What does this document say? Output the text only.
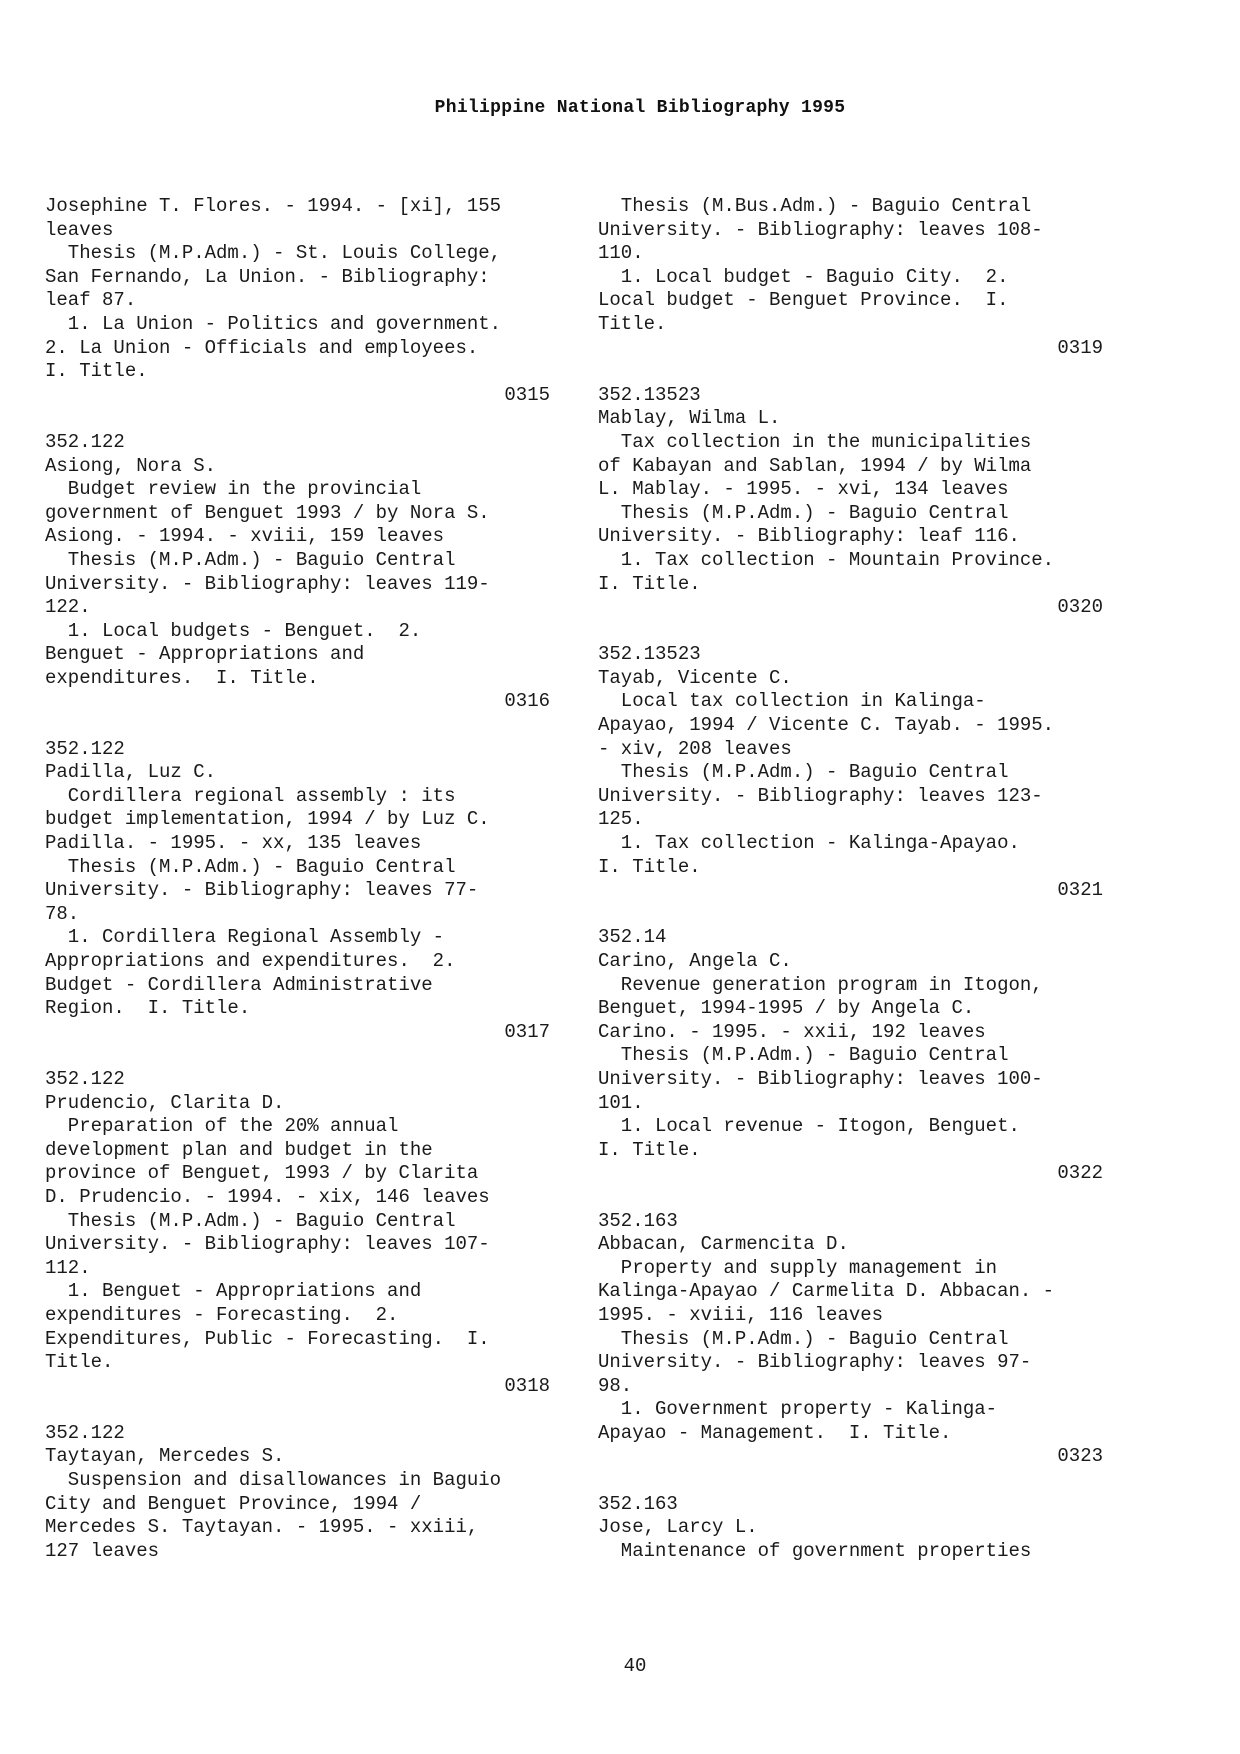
Philippine National Bibliography 1995
Josephine T. Flores. - 1994. - [xi], 155
leaves
Thesis (M.P.Adm.) - St. Louis College,
San Fernando, La Union. - Bibliography:
leaf 87.
1. La Union - Politics and government.
2. La Union - Officials and employees.
I. Title.
0315
352.122
Asiong, Nora S.
Budget review in the provincial
government of Benguet 1993 / by Nora S.
Asiong. - 1994. - xviii, 159 leaves
Thesis (M.P.Adm.) - Baguio Central
University. - Bibliography: leaves 119-
122.
1. Local budgets - Benguet.  2.
Benguet - Appropriations and
expenditures.  I. Title.
0316
352.122
Padilla, Luz C.
Cordillera regional assembly : its
budget implementation, 1994 / by Luz C.
Padilla. - 1995. - xx, 135 leaves
Thesis (M.P.Adm.) - Baguio Central
University. - Bibliography: leaves 77-
78.
1. Cordillera Regional Assembly -
Appropriations and expenditures.  2.
Budget - Cordillera Administrative
Region.  I. Title.
0317
352.122
Prudencio, Clarita D.
Preparation of the 20% annual
development plan and budget in the
province of Benguet, 1993 / by Clarita
D. Prudencio. - 1994. - xix, 146 leaves
Thesis (M.P.Adm.) - Baguio Central
University. - Bibliography: leaves 107-
112.
1. Benguet - Appropriations and
expenditures - Forecasting.  2.
Expenditures, Public - Forecasting.  I.
Title.
0318
352.122
Taytayan, Mercedes S.
Suspension and disallowances in Baguio
City and Benguet Province, 1994 /
Mercedes S. Taytayan. - 1995. - xxiii,
127 leaves
Thesis (M.Bus.Adm.) - Baguio Central
University. - Bibliography: leaves 108-
110.
1. Local budget - Baguio City.  2.
Local budget - Benguet Province.  I.
Title.
0319
352.13523
Mablay, Wilma L.
Tax collection in the municipalities
of Kabayan and Sablan, 1994 / by Wilma
L. Mablay. - 1995. - xvi, 134 leaves
Thesis (M.P.Adm.) - Baguio Central
University. - Bibliography: leaf 116.
1. Tax collection - Mountain Province.
I. Title.
0320
352.13523
Tayab, Vicente C.
Local tax collection in Kalinga-
Apayao, 1994 / Vicente C. Tayab. - 1995.
- xiv, 208 leaves
Thesis (M.P.Adm.) - Baguio Central
University. - Bibliography: leaves 123-
125.
1. Tax collection - Kalinga-Apayao.
I. Title.
0321
352.14
Carino, Angela C.
Revenue generation program in Itogon,
Benguet, 1994-1995 / by Angela C.
Carino. - 1995. - xxii, 192 leaves
Thesis (M.P.Adm.) - Baguio Central
University. - Bibliography: leaves 100-
101.
1. Local revenue - Itogon, Benguet.
I. Title.
0322
352.163
Abbacan, Carmencita D.
Property and supply management in
Kalinga-Apayao / Carmelita D. Abbacan. -
1995. - xviii, 116 leaves
Thesis (M.P.Adm.) - Baguio Central
University. - Bibliography: leaves 97-
98.
1. Government property - Kalinga-
Apayao - Management.  I. Title.
0323
352.163
Jose, Larcy L.
Maintenance of government properties
40
